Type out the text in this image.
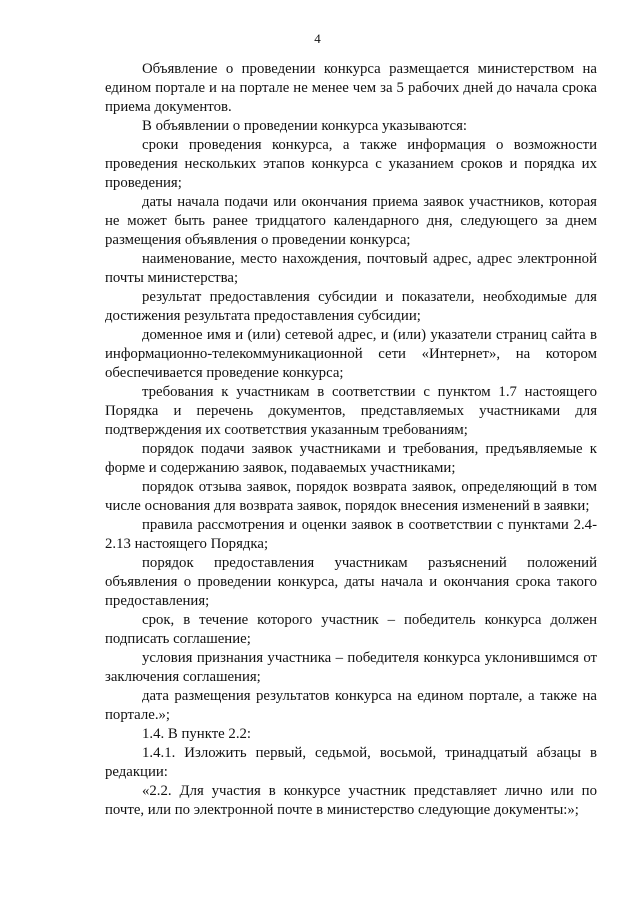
4

Объявление о проведении конкурса размещается министерством на едином портале и на портале не менее чем за 5 рабочих дней до начала срока приема документов.

В объявлении о проведении конкурса указываются:

сроки проведения конкурса, а также информация о возможности проведения нескольких этапов конкурса с указанием сроков и порядка их проведения;

даты начала подачи или окончания приема заявок участников, которая не может быть ранее тридцатого календарного дня, следующего за днем размещения объявления о проведении конкурса;

наименование, место нахождения, почтовый адрес, адрес электронной почты министерства;

результат предоставления субсидии и показатели, необходимые для достижения результата предоставления субсидии;

доменное имя и (или) сетевой адрес, и (или) указатели страниц сайта в информационно-телекоммуникационной сети «Интернет», на котором обеспечивается проведение конкурса;

требования к участникам в соответствии с пунктом 1.7 настоящего Порядка и перечень документов, представляемых участниками для подтверждения их соответствия указанным требованиям;

порядок подачи заявок участниками и требования, предъявляемые к форме и содержанию заявок, подаваемых участниками;

порядок отзыва заявок, порядок возврата заявок, определяющий в том числе основания для возврата заявок, порядок внесения изменений в заявки;

правила рассмотрения и оценки заявок в соответствии с пунктами 2.4-2.13 настоящего Порядка;

порядок предоставления участникам разъяснений положений объявления о проведении конкурса, даты начала и окончания срока такого предоставления;

срок, в течение которого участник – победитель конкурса должен подписать соглашение;

условия признания участника – победителя конкурса уклонившимся от заключения соглашения;

дата размещения результатов конкурса на едином портале, а также на портале.»;

1.4. В пункте 2.2:

1.4.1. Изложить первый, седьмой, восьмой, тринадцатый абзацы в редакции:

«2.2. Для участия в конкурсе участник представляет лично или по почте, или по электронной почте в министерство следующие документы:»;
